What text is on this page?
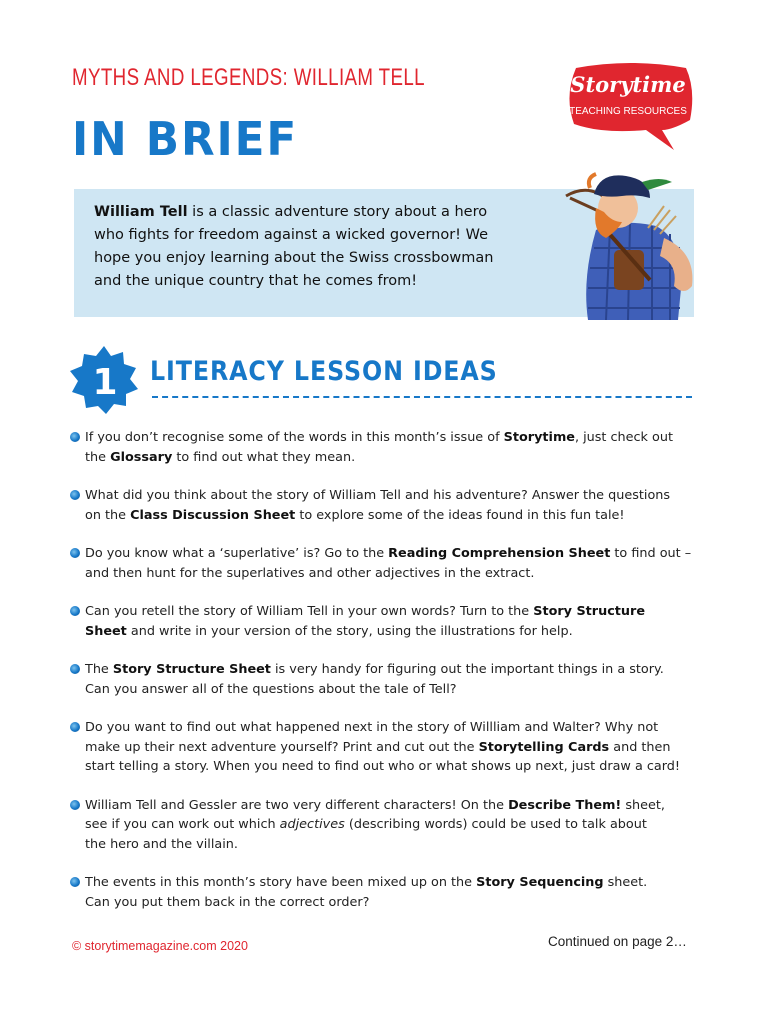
MYTHS AND LEGENDS: WILLIAM TELL
IN BRIEF
Storytime
TEACHING RESOURCES
William Tell is a classic adventure story about a hero
who fights for freedom against a wicked governor! We
hope you enjoy learning about the Swiss crossbowman
and the unique country that he comes from!
1 LITERACY LESSON IDEAS
If you don’t recognise some of the words in this month’s issue of Storytime, just check out
the Glossary to find out what they mean.
What did you think about the story of William Tell and his adventure? Answer the questions
on the Class Discussion Sheet to explore some of the ideas found in this fun tale!
Do you know what a ‘superlative’ is? Go to the Reading Comprehension Sheet to find out –
and then hunt for the superlatives and other adjectives in the extract.
Can you retell the story of William Tell in your own words? Turn to the Story Structure
Sheet and write in your version of the story, using the illustrations for help.
The Story Structure Sheet is very handy for figuring out the important things in a story.
Can you answer all of the questions about the tale of Tell?
Do you want to find out what happened next in the story of Willliam and Walter? Why not
make up their next adventure yourself? Print and cut out the Storytelling Cards and then
start telling a story. When you need to find out who or what shows up next, just draw a card!
William Tell and Gessler are two very different characters! On the Describe Them! sheet,
see if you can work out which adjectives (describing words) could be used to talk about
the hero and the villain.
The events in this month’s story have been mixed up on the Story Sequencing sheet.
Can you put them back in the correct order?
© storytimemagazine.com 2020	Continued on page 2…
